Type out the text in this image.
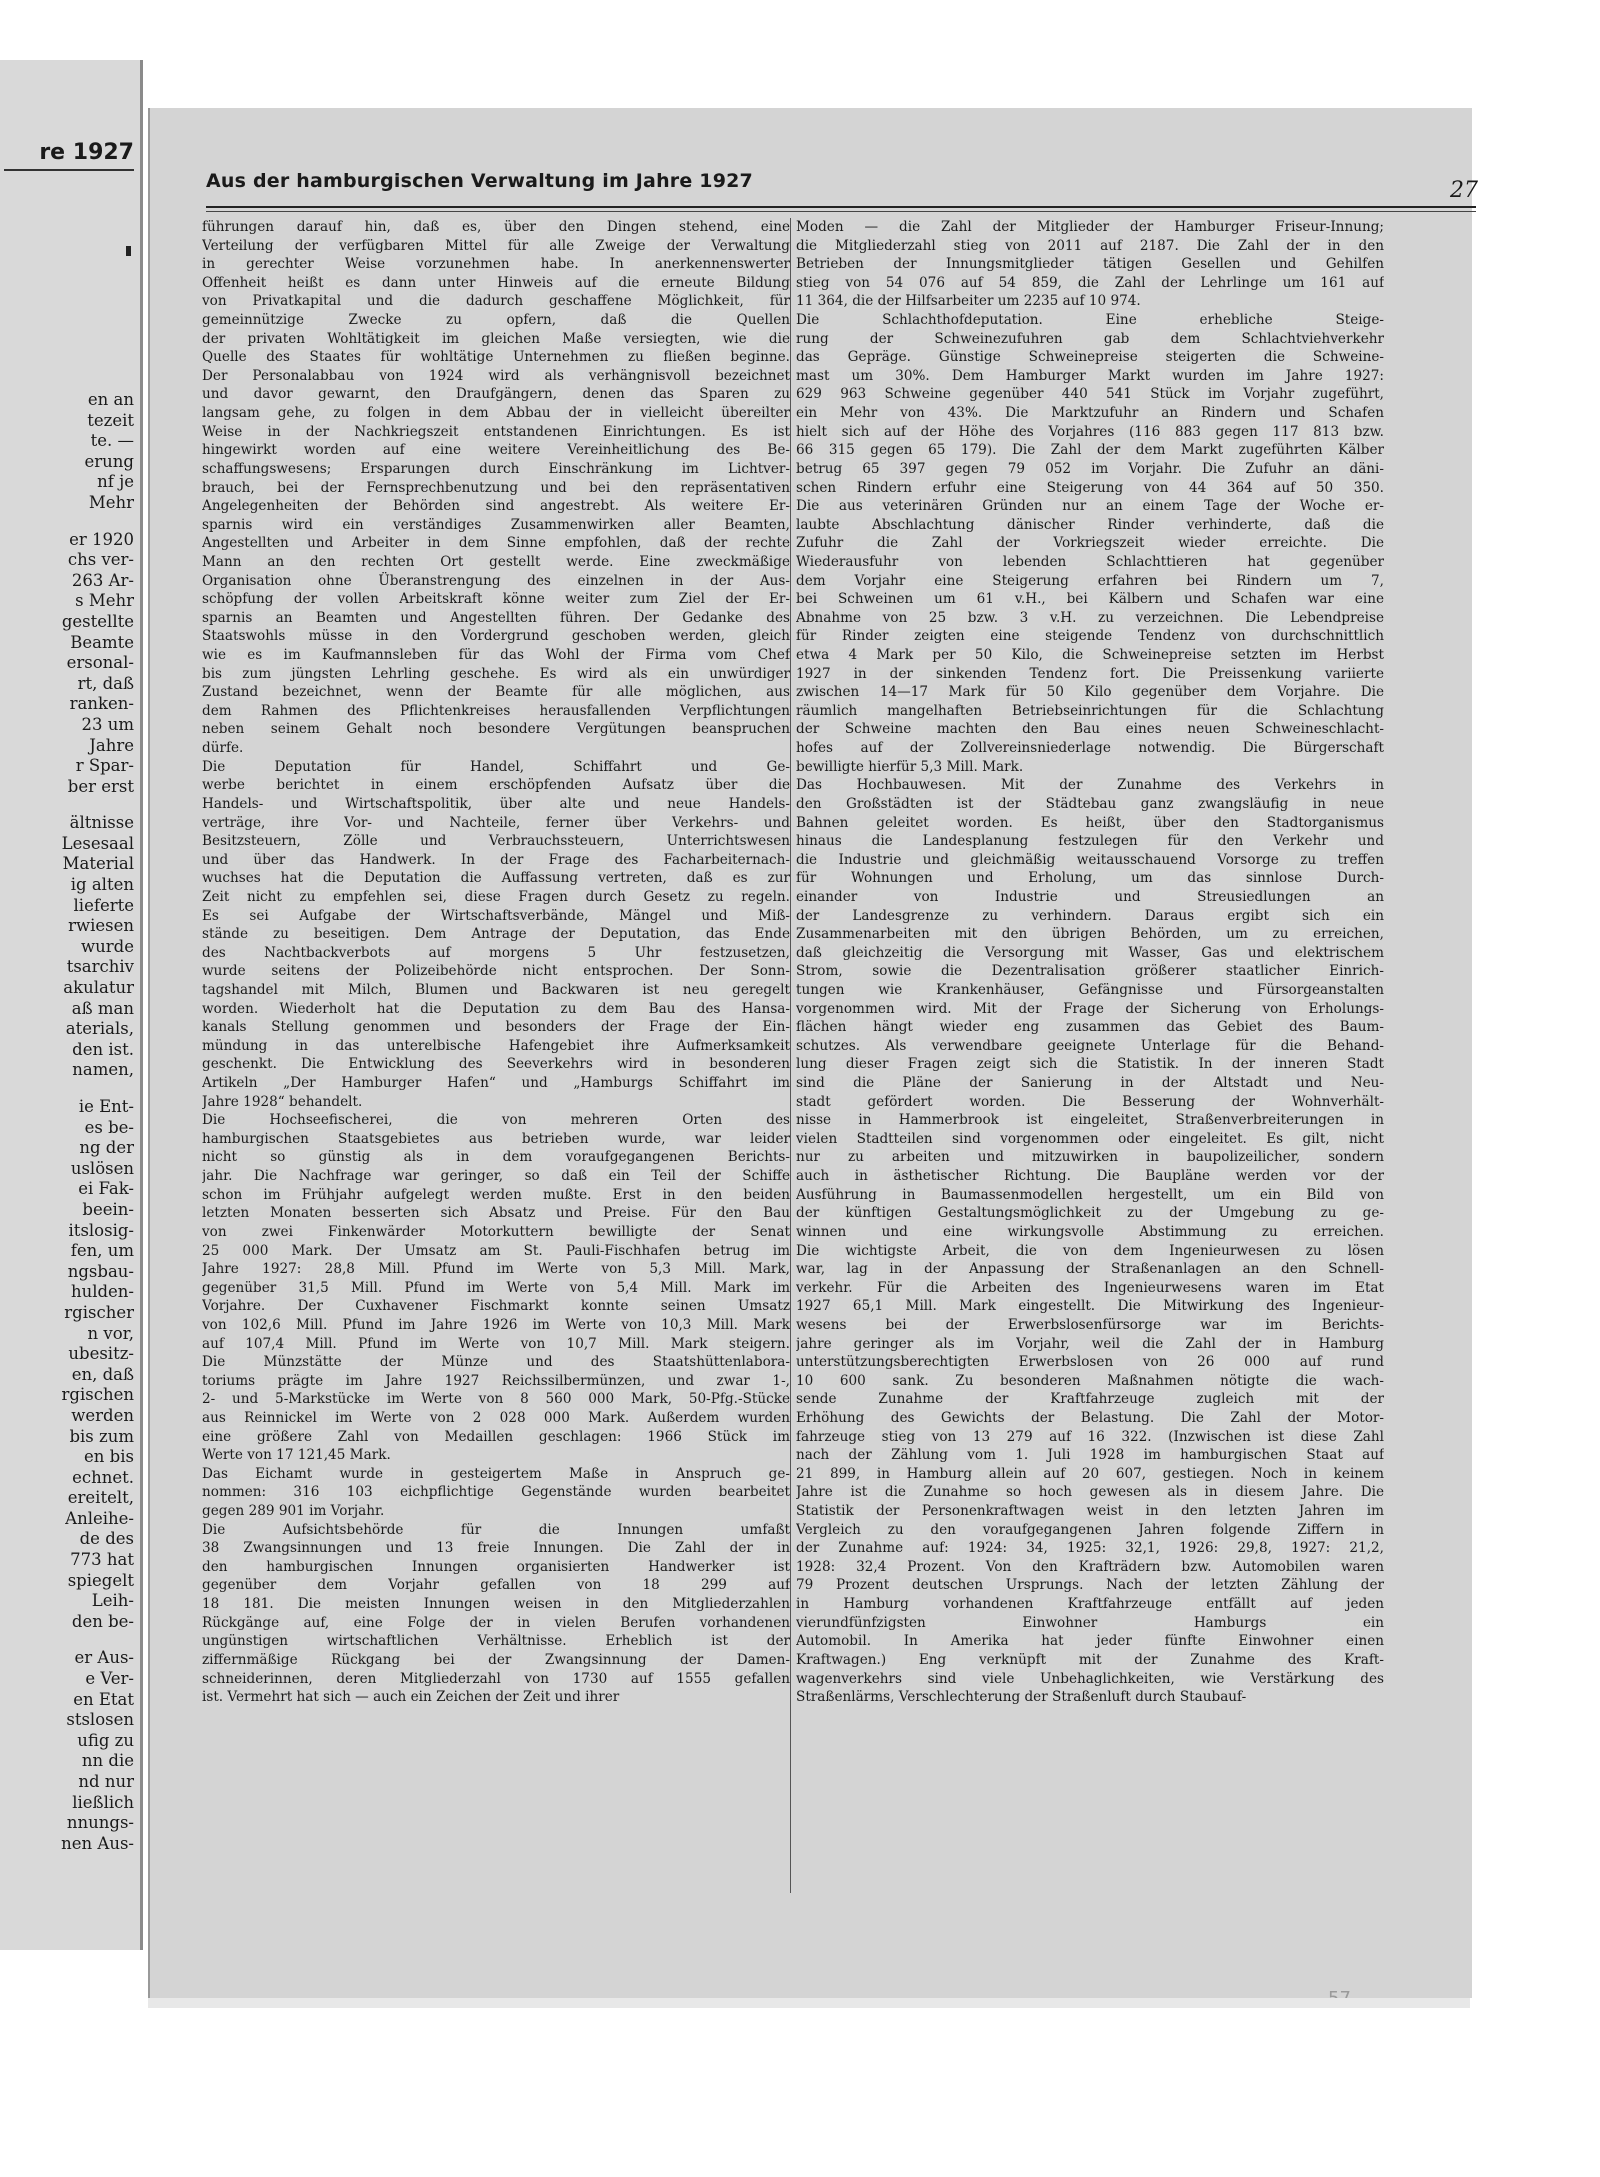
re 1927
en an
tezeit
te. —
erung
nf je
Mehr
er 1920
chs ver-
263 Ar-
s Mehr
gestellte
Beamte
ersonal-
rt, daß
ranken-
23 um
Jahre
r Spar-
ber erst
ältnisse
Lesesaal
Material
ig alten
lieferte
rwiesen
wurde
tsarchiv
akulatur
aß man
aterials,
den ist.
namen,
ie Ent-
es be-
ng der
uslösen
ei Fak-
beein-
itslosig-
fen, um
ngsbau-
hulden-
rgischer
n vor,
ubesitz-
en, daß
rgischen
werden
bis zum
en bis
echnet.
ereitelt,
Anleihe-
de des
773 hat
spiegelt
Leih-
den be-
er Aus-
e Ver-
en Etat
stslosen
ufig zu
nn die
nd nur
ließlich
nnungs-
nen Aus-
Aus der hamburgischen Verwaltung im Jahre 1927	27
führungen darauf hin, daß es, über den Dingen stehend, eine
Verteilung der verfügbaren Mittel für alle Zweige der Verwaltung
in gerechter Weise vorzunehmen habe. In anerkennenswerter
Offenheit heißt es dann unter Hinweis auf die erneute Bildung
von Privatkapital und die dadurch geschaffene Möglichkeit, für
gemeinnützige Zwecke zu opfern, daß die Quellen
der privaten Wohltätigkeit im gleichen Maße versiegten, wie die
Quelle des Staates für wohltätige Unternehmen zu fließen beginne.
Der Personalabbau von 1924 wird als verhängnisvoll bezeichnet
und davor gewarnt, den Draufgängern, denen das Sparen zu
langsam gehe, zu folgen in dem Abbau der in vielleicht übereilter
Weise in der Nachkriegszeit entstandenen Einrichtungen. Es ist
hingewirkt worden auf eine weitere Vereinheitlichung des Be-
schaffungswesens; Ersparungen durch Einschränkung im Lichtver-
brauch, bei der Fernsprechbenutzung und bei den repräsentativen
Angelegenheiten der Behörden sind angestrebt. Als weitere Er-
sparnis wird ein verständiges Zusammenwirken aller Beamten,
Angestellten und Arbeiter in dem Sinne empfohlen, daß der rechte
Mann an den rechten Ort gestellt werde. Eine zweckmäßige
Organisation ohne Überanstrengung des einzelnen in der Aus-
schöpfung der vollen Arbeitskraft könne weiter zum Ziel der Er-
sparnis an Beamten und Angestellten führen. Der Gedanke des
Staatswohls müsse in den Vordergrund geschoben werden, gleich
wie es im Kaufmannsleben für das Wohl der Firma vom Chef
bis zum jüngsten Lehrling geschehe. Es wird als ein unwürdiger
Zustand bezeichnet, wenn der Beamte für alle möglichen, aus
dem Rahmen des Pflichtenkreises herausfallenden Verpflichtungen
neben seinem Gehalt noch besondere Vergütungen beanspruchen
dürfe.
Die Deputation für Handel, Schiffahrt und Ge-
werbe berichtet in einem erschöpfenden Aufsatz über die
Handels- und Wirtschaftspolitik, über alte und neue Handels-
verträge, ihre Vor- und Nachteile, ferner über Verkehrs- und
Besitzsteuern, Zölle und Verbrauchssteuern, Unterrichtswesen
und über das Handwerk. In der Frage des Facharbeiternach-
wuchses hat die Deputation die Auffassung vertreten, daß es zur
Zeit nicht zu empfehlen sei, diese Fragen durch Gesetz zu regeln.
Es sei Aufgabe der Wirtschaftsverbände, Mängel und Miß-
stände zu beseitigen. Dem Antrage der Deputation, das Ende
des Nachtbackverbots auf morgens 5 Uhr festzusetzen,
wurde seitens der Polizeibehörde nicht entsprochen. Der Sonn-
tagshandel mit Milch, Blumen und Backwaren ist neu geregelt
worden. Wiederholt hat die Deputation zu dem Bau des Hansa-
kanals Stellung genommen und besonders der Frage der Ein-
mündung in das unterelbische Hafengebiet ihre Aufmerksamkeit
geschenkt. Die Entwicklung des Seeverkehrs wird in besonderen
Artikeln „Der Hamburger Hafen“ und „Hamburgs Schiffahrt im
Jahre 1928“ behandelt.
Die Hochseefischerei, die von mehreren Orten des
hamburgischen Staatsgebietes aus betrieben wurde, war leider
nicht so günstig als in dem voraufgegangenen Berichts-
jahr. Die Nachfrage war geringer, so daß ein Teil der Schiffe
schon im Frühjahr aufgelegt werden mußte. Erst in den beiden
letzten Monaten besserten sich Absatz und Preise. Für den Bau
von zwei Finkenwärder Motorkuttern bewilligte der Senat
25 000 Mark. Der Umsatz am St. Pauli-Fischhafen betrug im
Jahre 1927: 28,8 Mill. Pfund im Werte von 5,3 Mill. Mark,
gegenüber 31,5 Mill. Pfund im Werte von 5,4 Mill. Mark im
Vorjahre. Der Cuxhavener Fischmarkt konnte seinen Umsatz
von 102,6 Mill. Pfund im Jahre 1926 im Werte von 10,3 Mill. Mark
auf 107,4 Mill. Pfund im Werte von 10,7 Mill. Mark steigern.
Die Münzstätte der Münze und des Staatshüttenlabora-
toriums prägte im Jahre 1927 Reichssilbermünzen, und zwar 1-,
2- und 5-Markstücke im Werte von 8 560 000 Mark, 50-Pfg.-Stücke
aus Reinnickel im Werte von 2 028 000 Mark. Außerdem wurden
eine größere Zahl von Medaillen geschlagen: 1966 Stück im
Werte von 17 121,45 Mark.
Das Eichamt wurde in gesteigertem Maße in Anspruch ge-
nommen: 316 103 eichpflichtige Gegenstände wurden bearbeitet
gegen 289 901 im Vorjahr.
Die Aufsichtsbehörde für die Innungen umfaßt
38 Zwangsinnungen und 13 freie Innungen. Die Zahl der in
den hamburgischen Innungen organisierten Handwerker ist
gegenüber dem Vorjahr gefallen von 18 299 auf
18 181. Die meisten Innungen weisen in den Mitgliederzahlen
Rückgänge auf, eine Folge der in vielen Berufen vorhandenen
ungünstigen wirtschaftlichen Verhältnisse. Erheblich ist der
ziffernmäßige Rückgang bei der Zwangsinnung der Damen-
schneiderinnen, deren Mitgliederzahl von 1730 auf 1555 gefallen
ist. Vermehrt hat sich — auch ein Zeichen der Zeit und ihrer
Moden — die Zahl der Mitglieder der Hamburger Friseur-Innung;
die Mitgliederzahl stieg von 2011 auf 2187. Die Zahl der in den
Betrieben der Innungsmitglieder tätigen Gesellen und Gehilfen
stieg von 54 076 auf 54 859, die Zahl der Lehrlinge um 161 auf
11 364, die der Hilfsarbeiter um 2235 auf 10 974.
Die Schlachthofdeputation. Eine erhebliche Steige-
rung der Schweinezufuhren gab dem Schlachtviehverkehr
das Gepräge. Günstige Schweinepreise steigerten die Schweine-
mast um 30%. Dem Hamburger Markt wurden im Jahre 1927:
629 963 Schweine gegenüber 440 541 Stück im Vorjahr zugeführt,
ein Mehr von 43%. Die Marktzufuhr an Rindern und Schafen
hielt sich auf der Höhe des Vorjahres (116 883 gegen 117 813 bzw.
66 315 gegen 65 179). Die Zahl der dem Markt zugeführten Kälber
betrug 65 397 gegen 79 052 im Vorjahr. Die Zufuhr an däni-
schen Rindern erfuhr eine Steigerung von 44 364 auf 50 350.
Die aus veterinären Gründen nur an einem Tage der Woche er-
laubte Abschlachtung dänischer Rinder verhinderte, daß die
Zufuhr die Zahl der Vorkriegszeit wieder erreichte. Die
Wiederausfuhr von lebenden Schlachttieren hat gegenüber
dem Vorjahr eine Steigerung erfahren bei Rindern um 7,
bei Schweinen um 61 v.H., bei Kälbern und Schafen war eine
Abnahme von 25 bzw. 3 v.H. zu verzeichnen. Die Lebendpreise
für Rinder zeigten eine steigende Tendenz von durchschnittlich
etwa 4 Mark per 50 Kilo, die Schweinepreise setzten im Herbst
1927 in der sinkenden Tendenz fort. Die Preissenkung variierte
zwischen 14—17 Mark für 50 Kilo gegenüber dem Vorjahre. Die
räumlich mangelhaften Betriebseinrichtungen für die Schlachtung
der Schweine machten den Bau eines neuen Schweineschlacht-
hofes auf der Zollvereinsniederlage notwendig. Die Bürgerschaft
bewilligte hierfür 5,3 Mill. Mark.
Das Hochbauwesen. Mit der Zunahme des Verkehrs in
den Großstädten ist der Städtebau ganz zwangsläufig in neue
Bahnen geleitet worden. Es heißt, über den Stadtorganismus
hinaus die Landesplanung festzulegen für den Verkehr und
die Industrie und gleichmäßig weitausschauend Vorsorge zu treffen
für Wohnungen und Erholung, um das sinnlose Durch-
einander von Industrie und Streusiedlungen an
der Landesgrenze zu verhindern. Daraus ergibt sich ein
Zusammenarbeiten mit den übrigen Behörden, um zu erreichen,
daß gleichzeitig die Versorgung mit Wasser, Gas und elektrischem
Strom, sowie die Dezentralisation größerer staatlicher Einrich-
tungen wie Krankenhäuser, Gefängnisse und Fürsorgeanstalten
vorgenommen wird. Mit der Frage der Sicherung von Erholungs-
flächen hängt wieder eng zusammen das Gebiet des Baum-
schutzes. Als verwendbare geeignete Unterlage für die Behand-
lung dieser Fragen zeigt sich die Statistik. In der inneren Stadt
sind die Pläne der Sanierung in der Altstadt und Neu-
stadt gefördert worden. Die Besserung der Wohnverhält-
nisse in Hammerbrook ist eingeleitet, Straßenverbreiterungen in
vielen Stadtteilen sind vorgenommen oder eingeleitet. Es gilt, nicht
nur zu arbeiten und mitzuwirken in baupolizeilicher, sondern
auch in ästhetischer Richtung. Die Baupläne werden vor der
Ausführung in Baumassenmodellen hergestellt, um ein Bild von
der künftigen Gestaltungsmöglichkeit zu der Umgebung zu ge-
winnen und eine wirkungsvolle Abstimmung zu erreichen.
Die wichtigste Arbeit, die von dem Ingenieurwesen zu lösen
war, lag in der Anpassung der Straßenanlagen an den Schnell-
verkehr. Für die Arbeiten des Ingenieurwesens waren im Etat
1927 65,1 Mill. Mark eingestellt. Die Mitwirkung des Ingenieur-
wesens bei der Erwerbslosenfürsorge war im Berichts-
jahre geringer als im Vorjahr, weil die Zahl der in Hamburg
unterstützungsberechtigten Erwerbslosen von 26 000 auf rund
10 600 sank. Zu besonderen Maßnahmen nötigte die wach-
sende Zunahme der Kraftfahrzeuge zugleich mit der
Erhöhung des Gewichts der Belastung. Die Zahl der Motor-
fahrzeuge stieg von 13 279 auf 16 322. (Inzwischen ist diese Zahl
nach der Zählung vom 1. Juli 1928 im hamburgischen Staat auf
21 899, in Hamburg allein auf 20 607, gestiegen. Noch in keinem
Jahre ist die Zunahme so hoch gewesen als in diesem Jahre. Die
Statistik der Personenkraftwagen weist in den letzten Jahren im
Vergleich zu den voraufgegangenen Jahren folgende Ziffern in
der Zunahme auf: 1924: 34, 1925: 32,1, 1926: 29,8, 1927: 21,2,
1928: 32,4 Prozent. Von den Krafträdern bzw. Automobilen waren
79 Prozent deutschen Ursprungs. Nach der letzten Zählung der
in Hamburg vorhandenen Kraftfahrzeuge entfällt auf jeden
vierundfünfzigsten Einwohner Hamburgs ein
Automobil. In Amerika hat jeder fünfte Einwohner einen
Kraftwagen.) Eng verknüpft mit der Zunahme des Kraft-
wagenverkehrs sind viele Unbehaglichkeiten, wie Verstärkung des
Straßenlärms, Verschlechterung der Straßenluft durch Staubauf-
